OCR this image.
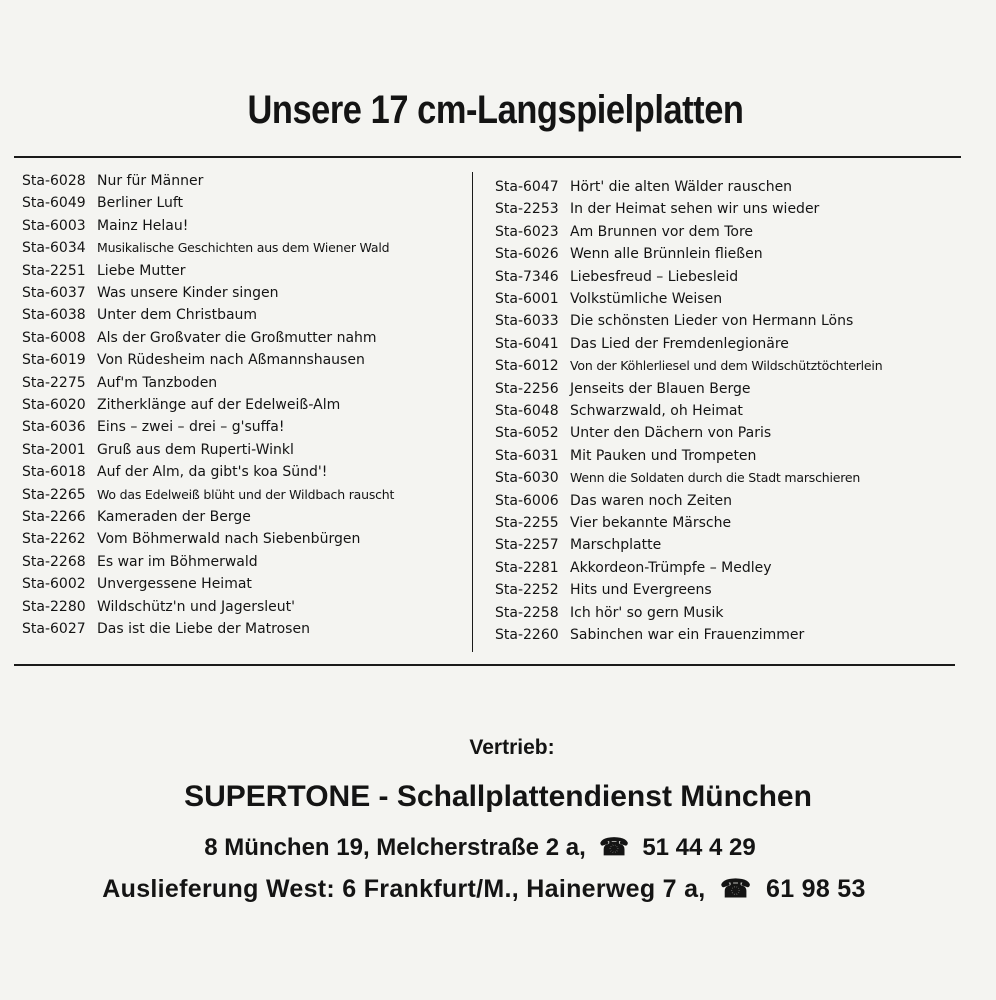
Unsere 17 cm-Langspielplatten
Sta-6028 Nur für Männer
Sta-6049 Berliner Luft
Sta-6003 Mainz Helau!
Sta-6034 Musikalische Geschichten aus dem Wiener Wald
Sta-2251 Liebe Mutter
Sta-6037 Was unsere Kinder singen
Sta-6038 Unter dem Christbaum
Sta-6008 Als der Großvater die Großmutter nahm
Sta-6019 Von Rüdesheim nach Aßmannshausen
Sta-2275 Auf'm Tanzboden
Sta-6020 Zitherklänge auf der Edelweiß-Alm
Sta-6036 Eins – zwei – drei – g'suffa!
Sta-2001 Gruß aus dem Ruperti-Winkl
Sta-6018 Auf der Alm, da gibt's koa Sünd'!
Sta-2265 Wo das Edelweiß blüht und der Wildbach rauscht
Sta-2266 Kameraden der Berge
Sta-2262 Vom Böhmerwald nach Siebenbürgen
Sta-2268 Es war im Böhmerwald
Sta-6002 Unvergessene Heimat
Sta-2280 Wildschütz'n und Jagersleut'
Sta-6027 Das ist die Liebe der Matrosen
Sta-6047 Hört' die alten Wälder rauschen
Sta-2253 In der Heimat sehen wir uns wieder
Sta-6023 Am Brunnen vor dem Tore
Sta-6026 Wenn alle Brünnlein fließen
Sta-7346 Liebesfreud – Liebesleid
Sta-6001 Volkstümliche Weisen
Sta-6033 Die schönsten Lieder von Hermann Löns
Sta-6041 Das Lied der Fremdenlegionäre
Sta-6012 Von der Köhlerliesel und dem Wildschütztöchterlein
Sta-2256 Jenseits der Blauen Berge
Sta-6048 Schwarzwald, oh Heimat
Sta-6052 Unter den Dächern von Paris
Sta-6031 Mit Pauken und Trompeten
Sta-6030 Wenn die Soldaten durch die Stadt marschieren
Sta-6006 Das waren noch Zeiten
Sta-2255 Vier bekannte Märsche
Sta-2257 Marschplatte
Sta-2281 Akkordeon-Trümpfe – Medley
Sta-2252 Hits und Evergreens
Sta-2258 Ich hör' so gern Musik
Sta-2260 Sabinchen war ein Frauenzimmer
Vertrieb:
SUPERTONE - Schallplattendienst München
8 München 19, Melcherstraße 2 a,  ☎  51 44 4 29
Auslieferung West: 6 Frankfurt/M., Hainerweg 7 a,  ☎  61 98 53
